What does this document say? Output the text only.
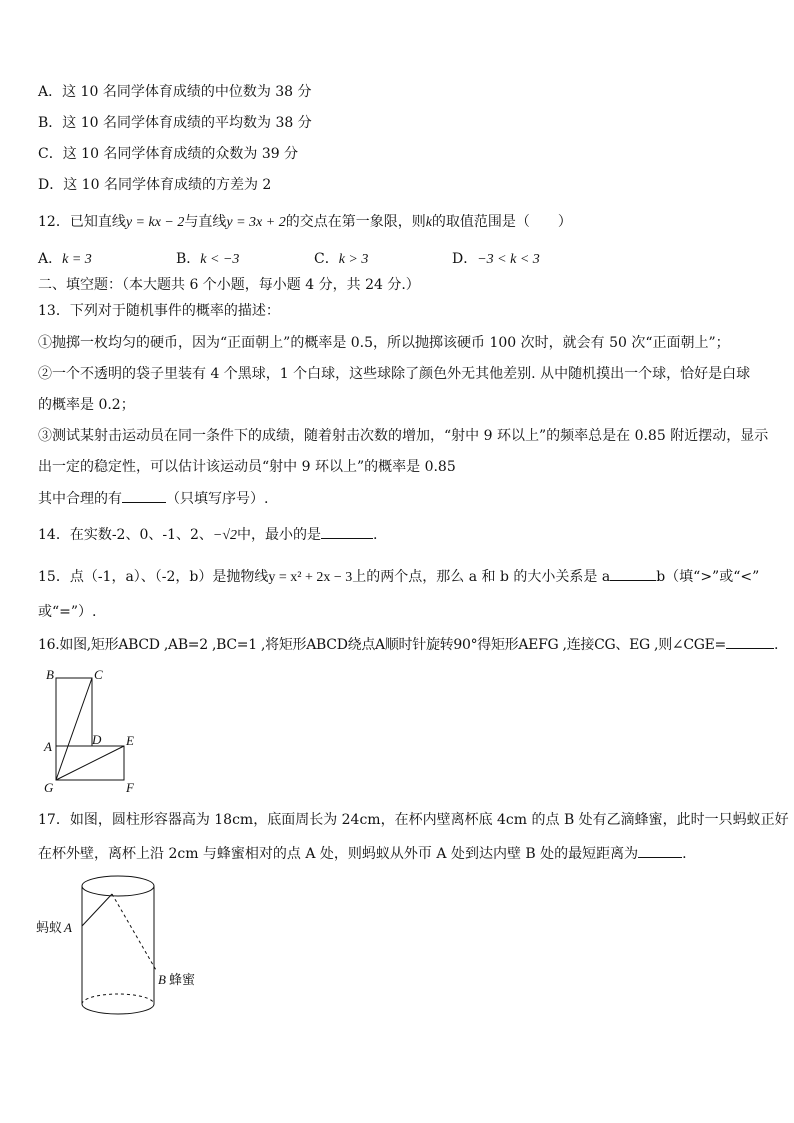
A．这 10 名同学体育成绩的中位数为 38 分
B．这 10 名同学体育成绩的平均数为 38 分
C．这 10 名同学体育成绩的众数为 39 分
D．这 10 名同学体育成绩的方差为 2
12．已知直线y = kx − 2与直线y = 3x + 2的交点在第一象限，则k的取值范围是（　　）
A．k = 3	B．k < −3	C．k > 3	D．−3 < k < 3
二、填空题：（本大题共 6 个小题，每小题 4 分，共 24 分.）
13．下列对于随机事件的概率的描述：
①抛掷一枚均匀的硬币，因为“正面朝上”的概率是 0.5，所以抛掷该硬币 100 次时，就会有 50 次“正面朝上”；
②一个不透明的袋子里装有 4 个黑球，1 个白球，这些球除了颜色外无其他差别. 从中随机摸出一个球，恰好是白球
的概率是 0.2；
③测试某射击运动员在同一条件下的成绩，随着射击次数的增加，“射中 9 环以上”的频率总是在 0.85 附近摆动，显示
出一定的稳定性，可以估计该运动员“射中 9 环以上”的概率是 0.85
其中合理的有	（只填写序号）.
14．在实数-2、0、-1、2、−√2中，最小的是	.
15．点（-1，a）、（-2，b）是抛物线y = x² + 2x − 3上的两个点，那么 a 和 b 的大小关系是 a	b（填“>”或“<”
或“=”）.
16.如图,矩形ABCD ,AB=2 ,BC=1 ,将矩形ABCD绕点A顺时针旋转90°得矩形AEFG ,连接CG、EG ,则∠CGE=	.
B	C
A	D E
G	F
17．如图，圆柱形容器高为 18cm，底面周长为 24cm，在杯内壁离杯底 4cm 的点 B 处有乙滴蜂蜜，此时一只蚂蚁正好
在杯外壁，离杯上沿 2cm 与蜂蜜相对的点 A 处，则蚂蚁从外帀 A 处到达内壁 B 处的最短距离为	.
蚂蚁 A
B 蜂蜜
